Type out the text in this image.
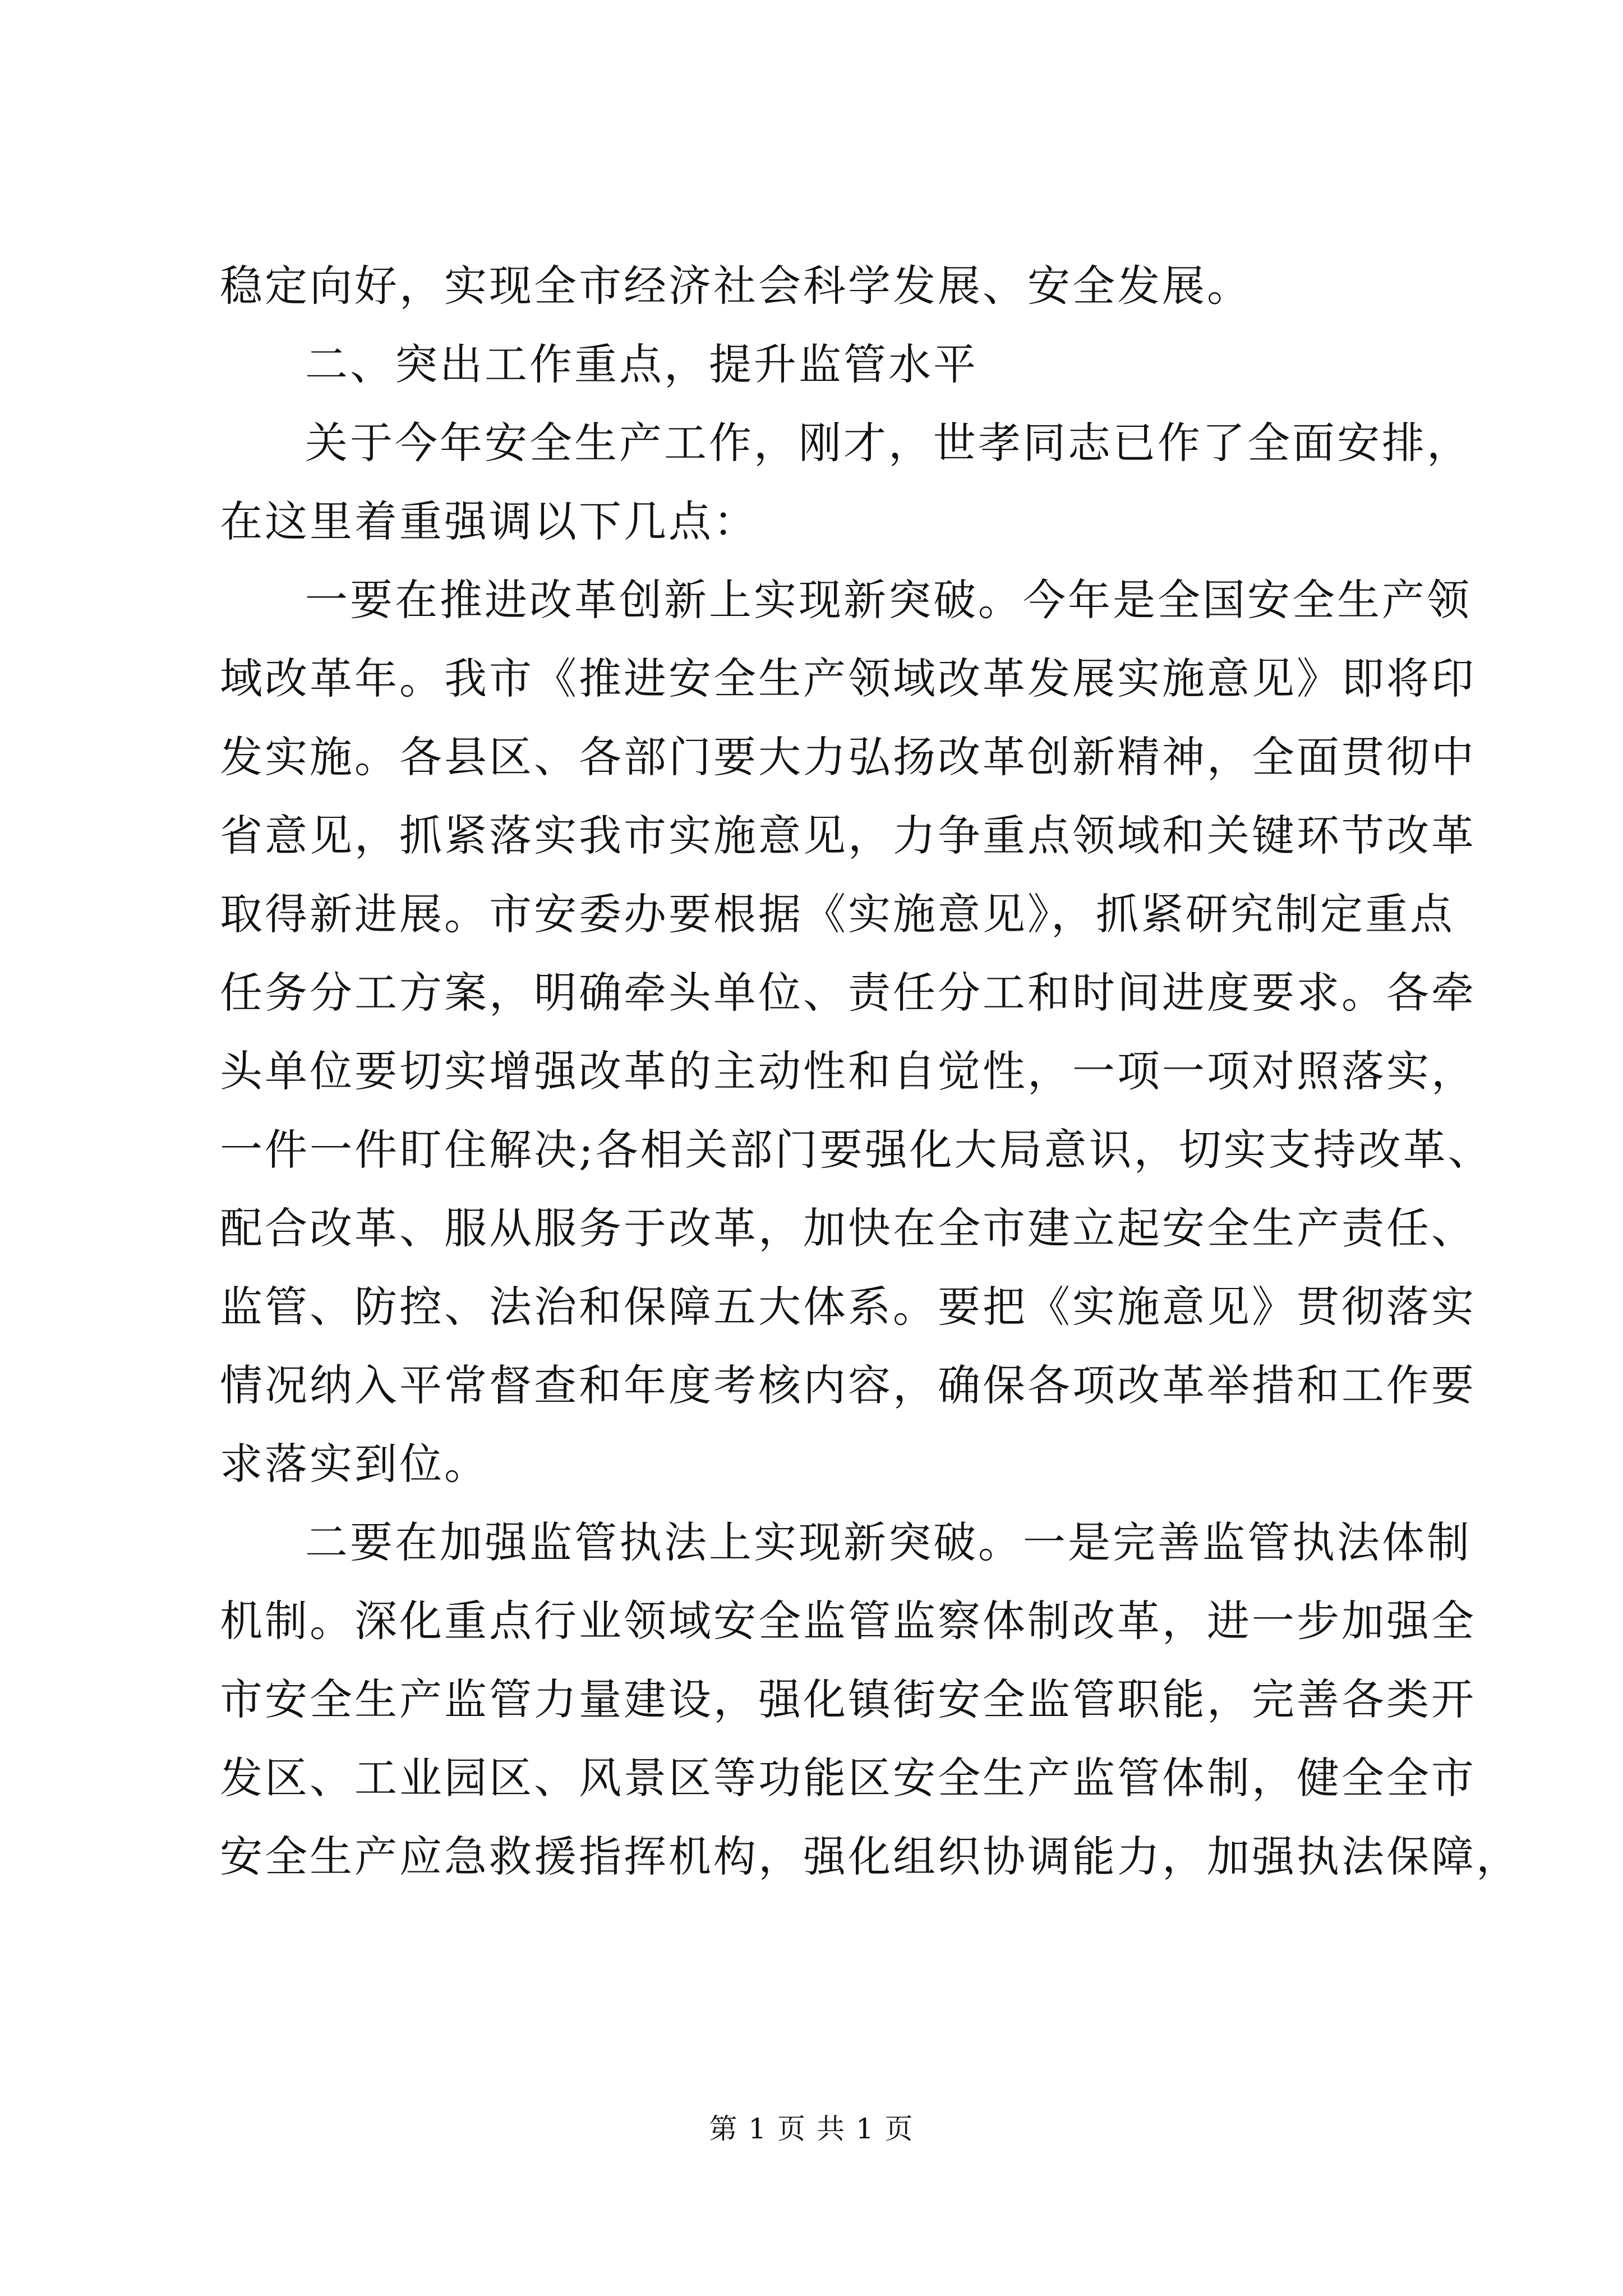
稳定向好，实现全市经济社会科学发展、安全发展。
二、突出工作重点，提升监管水平
关于今年安全生产工作，刚才，世孝同志已作了全面安排，
在这里着重强调以下几点：
一要在推进改革创新上实现新突破。今年是全国安全生产领
域改革年。我市《推进安全生产领域改革发展实施意见》即将印
发实施。各县区、各部门要大力弘扬改革创新精神，全面贯彻中
省意见，抓紧落实我市实施意见，力争重点领域和关键环节改革
取得新进展。市安委办要根据《实施意见》，抓紧研究制定重点
任务分工方案，明确牵头单位、责任分工和时间进度要求。各牵
头单位要切实增强改革的主动性和自觉性，一项一项对照落实，
一件一件盯住解决;各相关部门要强化大局意识，切实支持改革、
配合改革、服从服务于改革，加快在全市建立起安全生产责任、
监管、防控、法治和保障五大体系。要把《实施意见》贯彻落实
情况纳入平常督查和年度考核内容，确保各项改革举措和工作要
求落实到位。
二要在加强监管执法上实现新突破。一是完善监管执法体制
机制。深化重点行业领域安全监管监察体制改革，进一步加强全
市安全生产监管力量建设，强化镇街安全监管职能，完善各类开
发区、工业园区、风景区等功能区安全生产监管体制，健全全市
安全生产应急救援指挥机构，强化组织协调能力，加强执法保障，
第 1 页 共 1 页
